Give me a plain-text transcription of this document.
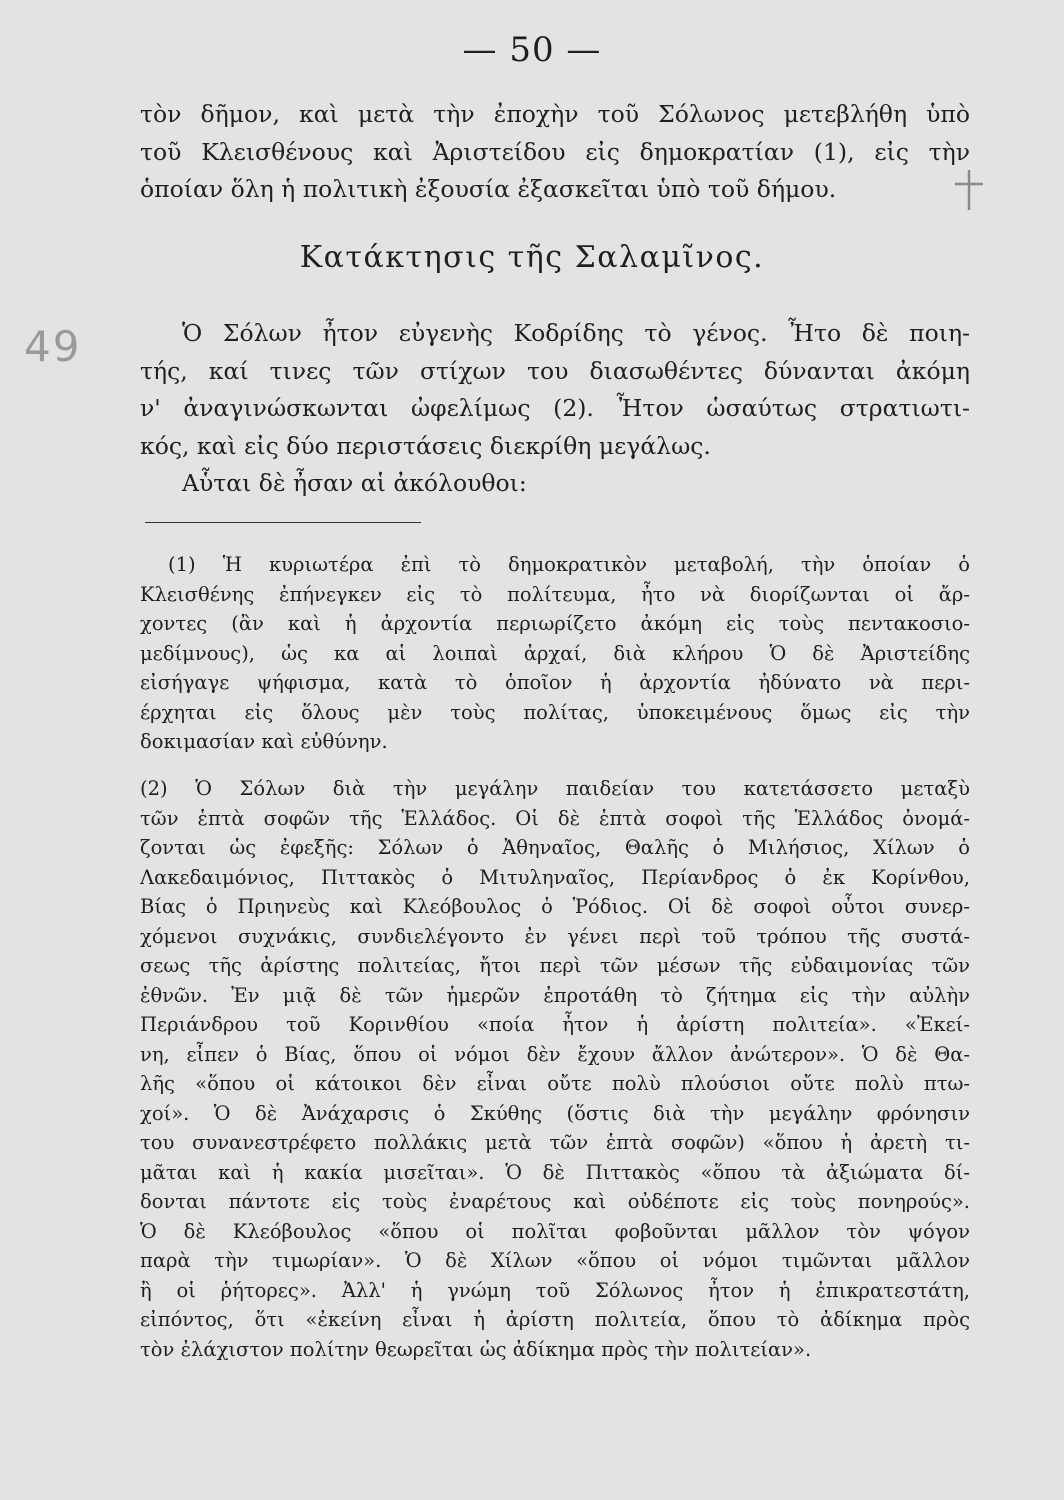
— 50 —
49
τὸν δῆμον, καὶ μετὰ τὴν ἐποχὴν τοῦ Σόλωνος μετεβλήθη ὑπὸ
τοῦ Κλεισθένους καὶ Ἀριστείδου εἰς δημοκρατίαν (1), εἰς τὴν
ὁποίαν ὅλη ἡ πολιτικὴ ἐξουσία ἐξασκεῖται ὑπὸ τοῦ δήμου.
Κατάκτησις τῆς Σαλαμῖνος.
Ὁ Σόλων ἦτον εὐγενὴς Κοδρίδης τὸ γένος. Ἦτο δὲ ποιη-
τής, καί τινες τῶν στίχων του διασωθέντες δύνανται ἀκόμη
ν' ἀναγινώσκωνται ὠφελίμως (2). Ἦτον ὡσαύτως στρατιωτι-
κός, καὶ εἰς δύο περιστάσεις διεκρίθη μεγάλως.
Αὗται δὲ ἦσαν αἱ ἀκόλουθοι:
(1) Ἡ κυριωτέρα ἐπὶ τὸ δημοκρατικὸν μεταβολή, τὴν ὁποίαν ὁ
Κλεισθένης ἐπήνεγκεν εἰς τὸ πολίτευμα, ἦτο νὰ διορίζωνται οἱ ἄρ-
χοντες (ἂν καὶ ἡ ἀρχοντία περιωρίζετο ἀκόμη εἰς τοὺς πεντακοσιο-
μεδίμνους), ὡς κα αἱ λοιπαὶ ἀρχαί, διὰ κλήρου Ὁ δὲ Ἀριστείδης
εἰσήγαγε ψήφισμα, κατὰ τὸ ὁποῖον ἡ ἀρχοντία ἠδύνατο νὰ περι-
έρχηται εἰς ὅλους μὲν τοὺς πολίτας, ὑποκειμένους ὅμως εἰς τὴν
δοκιμασίαν καὶ εὐθύνην.
(2) Ὁ Σόλων διὰ τὴν μεγάλην παιδείαν του κατετάσσετο μεταξὺ
τῶν ἑπτὰ σοφῶν τῆς Ἑλλάδος. Οἱ δὲ ἑπτὰ σοφοὶ τῆς Ἑλλάδος ὀνομά-
ζονται ὡς ἐφεξῆς: Σόλων ὁ Ἀθηναῖος, Θαλῆς ὁ Μιλήσιος, Χίλων ὁ
Λακεδαιμόνιος, Πιττακὸς ὁ Μιτυληναῖος, Περίανδρος ὁ ἐκ Κορίνθου,
Βίας ὁ Πριηνεὺς καὶ Κλεόβουλος ὁ Ῥόδιος. Οἱ δὲ σοφοὶ οὗτοι συνερ-
χόμενοι συχνάκις, συνδιελέγοντο ἐν γένει περὶ τοῦ τρόπου τῆς συστά-
σεως τῆς ἀρίστης πολιτείας, ἤτοι περὶ τῶν μέσων τῆς εὐδαιμονίας τῶν
ἐθνῶν. Ἐν μιᾷ δὲ τῶν ἡμερῶν ἐπροτάθη τὸ ζήτημα εἰς τὴν αὐλὴν
Περιάνδρου τοῦ Κορινθίου «ποία ἦτον ἡ ἀρίστη πολιτεία». «Ἐκεί-
νη, εἶπεν ὁ Βίας, ὅπου οἱ νόμοι δὲν ἔχουν ἄλλον ἀνώτερον». Ὁ δὲ Θα-
λῆς «ὅπου οἱ κάτοικοι δὲν εἶναι οὔτε πολὺ πλούσιοι οὔτε πολὺ πτω-
χοί». Ὁ δὲ Ἀνάχαρσις ὁ Σκύθης (ὅστις διὰ τὴν μεγάλην φρόνησιν
του συνανεστρέφετο πολλάκις μετὰ τῶν ἑπτὰ σοφῶν) «ὅπου ἡ ἀρετὴ τι-
μᾶται καὶ ἡ κακία μισεῖται». Ὁ δὲ Πιττακὸς «ὅπου τὰ ἀξιώματα δί-
δονται πάντοτε εἰς τοὺς ἐναρέτους καὶ οὐδέποτε εἰς τοὺς πονηρούς».
Ὁ δὲ Κλεόβουλος «ὅπου οἱ πολῖται φοβοῦνται μᾶλλον τὸν ψόγον
παρὰ τὴν τιμωρίαν». Ὁ δὲ Χίλων «ὅπου οἱ νόμοι τιμῶνται μᾶλλον
ἢ οἱ ῥήτορες». Ἀλλ' ἡ γνώμη τοῦ Σόλωνος ἦτον ἡ ἐπικρατεστάτη,
εἰπόντος, ὅτι «ἐκείνη εἶναι ἡ ἀρίστη πολιτεία, ὅπου τὸ ἀδίκημα πρὸς
τὸν ἐλάχιστον πολίτην θεωρεῖται ὡς ἀδίκημα πρὸς τὴν πολιτείαν».
